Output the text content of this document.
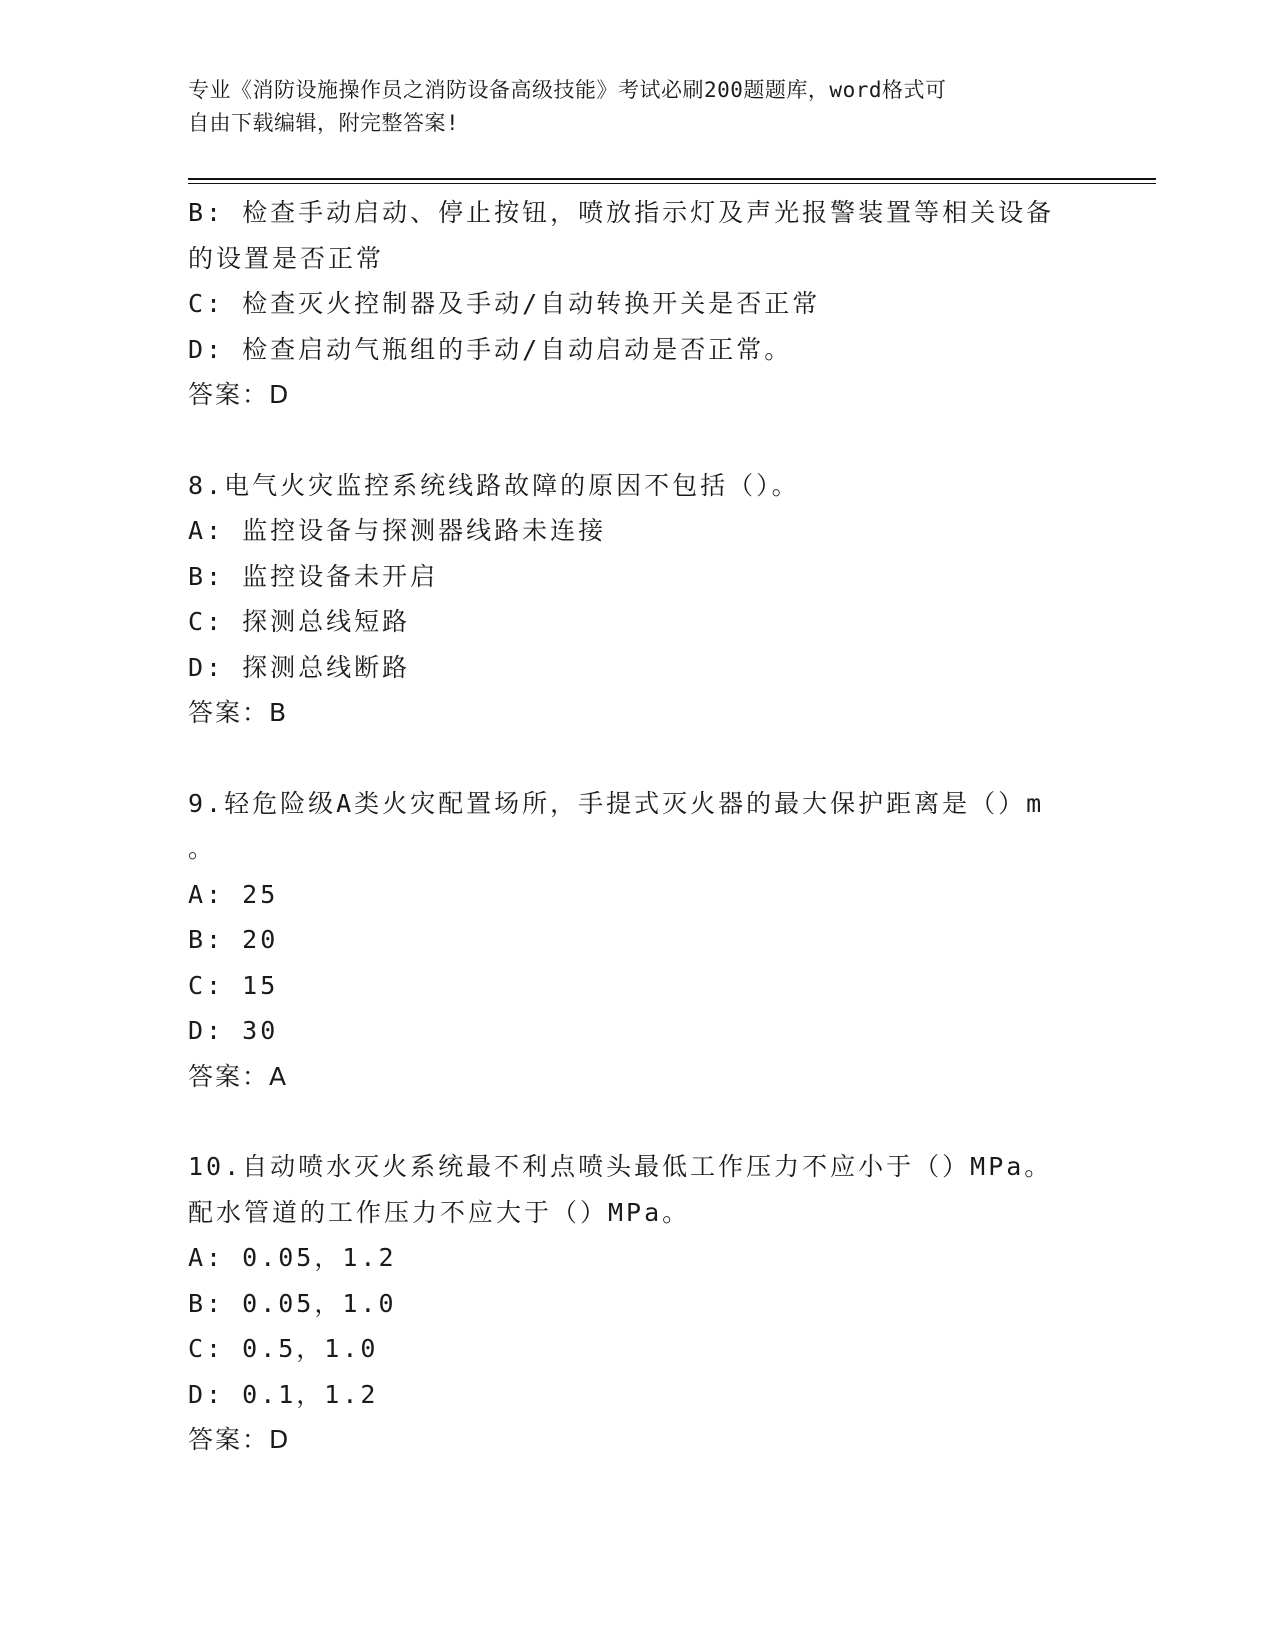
专业《消防设施操作员之消防设备高级技能》考试必刷200题题库，word格式可
自由下载编辑，附完整答案!
B: 检查手动启动、停止按钮，喷放指示灯及声光报警装置等相关设备
的设置是否正常
C: 检查灭火控制器及手动/自动转换开关是否正常
D: 检查启动气瓶组的手动/自动启动是否正常。
答案：D
8.电气火灾监控系统线路故障的原因不包括（）。
A: 监控设备与探测器线路未连接
B: 监控设备未开启
C: 探测总线短路
D: 探测总线断路
答案：B
9.轻危险级A类火灾配置场所，手提式灭火器的最大保护距离是（）m
。
A: 25
B: 20
C: 15
D: 30
答案：A
10.自动喷水灭火系统最不利点喷头最低工作压力不应小于（）MPa。
配水管道的工作压力不应大于（）MPa。
A: 0.05，1.2
B: 0.05，1.0
C: 0.5，1.0
D: 0.1，1.2
答案：D
